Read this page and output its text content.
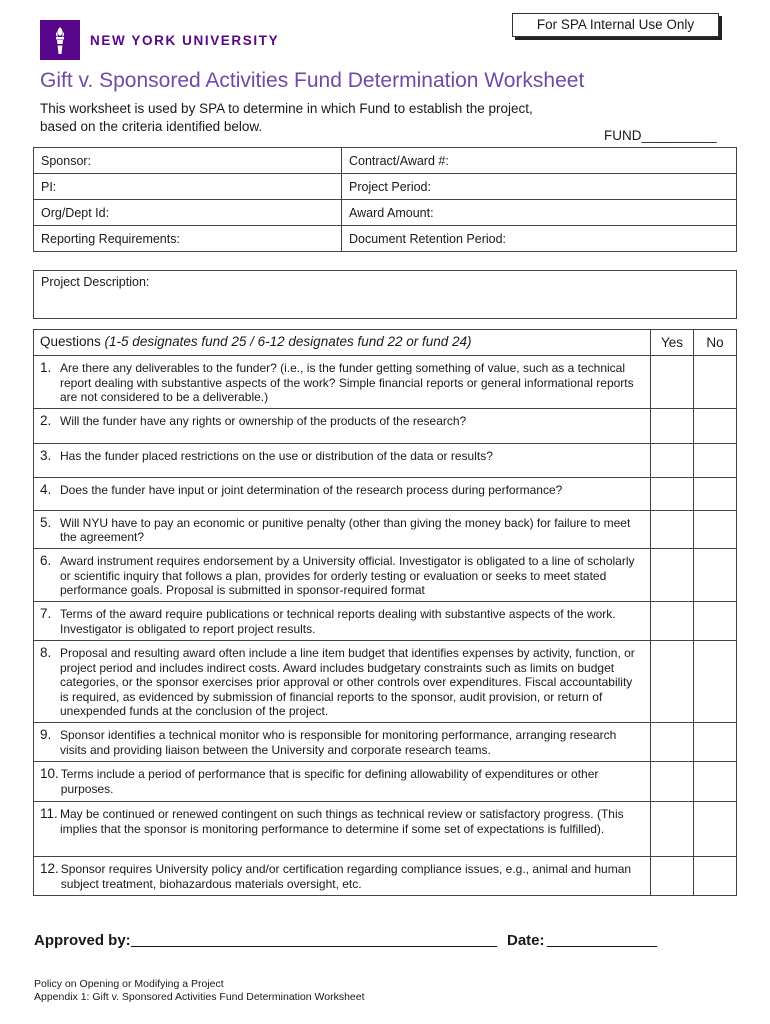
NEW YORK UNIVERSITY
For SPA Internal Use Only
Gift v. Sponsored Activities Fund Determination Worksheet
This worksheet is used by SPA to determine in which Fund to establish the project, based on the criteria identified below.
FUND__________
Sponsor:	Contract/Award #:
PI:	Project Period:
Org/Dept Id:	Award Amount:
Reporting Requirements:	Document Retention Period:
Project Description:
Questions (1-5 designates fund 25 / 6-12 designates fund 22 or fund 24)	Yes	No

1. Are there any deliverables to the funder? (i.e., is the funder getting something of value, such as a technical report dealing with substantive aspects of the work? Simple financial reports or general informational reports are not considered to be a deliverable.)		

2. Will the funder have any rights or ownership of the products of the research?		

3. Has the funder placed restrictions on the use or distribution of the data or results?		

4. Does the funder have input or joint determination of the research process during performance?		

5. Will NYU have to pay an economic or punitive penalty (other than giving the money back) for failure to meet the agreement?		

6. Award instrument requires endorsement by a University official. Investigator is obligated to a line of scholarly or scientific inquiry that follows a plan, provides for orderly testing or evaluation or seeks to meet stated performance goals. Proposal is submitted in sponsor-required format		

7. Terms of the award require publications or technical reports dealing with substantive aspects of the work. Investigator is obligated to report project results.		

8. Proposal and resulting award often include a line item budget that identifies expenses by activity, function, or project period and includes indirect costs. Award includes budgetary constraints such as limits on budget categories, or the sponsor exercises prior approval or other controls over expenditures. Fiscal accountability is required, as evidenced by submission of financial reports to the sponsor, audit provision, or return of unexpended funds at the conclusion of the project.		

9. Sponsor identifies a technical monitor who is responsible for monitoring performance, arranging research visits and providing liaison between the University and corporate research teams.		

10. Terms include a period of performance that is specific for defining allowability of expenditures or other purposes.		

11. May be continued or renewed contingent on such things as technical review or satisfactory progress. (This implies that the sponsor is monitoring performance to determine if some set of expectations is fulfilled).		

12. Sponsor requires University policy and/or certification regarding compliance issues, e.g., animal and human subject treatment, biohazardous materials oversight, etc.		

Approved by:	Date:
Policy on Opening or Modifying a Project
Appendix 1: Gift v. Sponsored Activities Fund Determination Worksheet
